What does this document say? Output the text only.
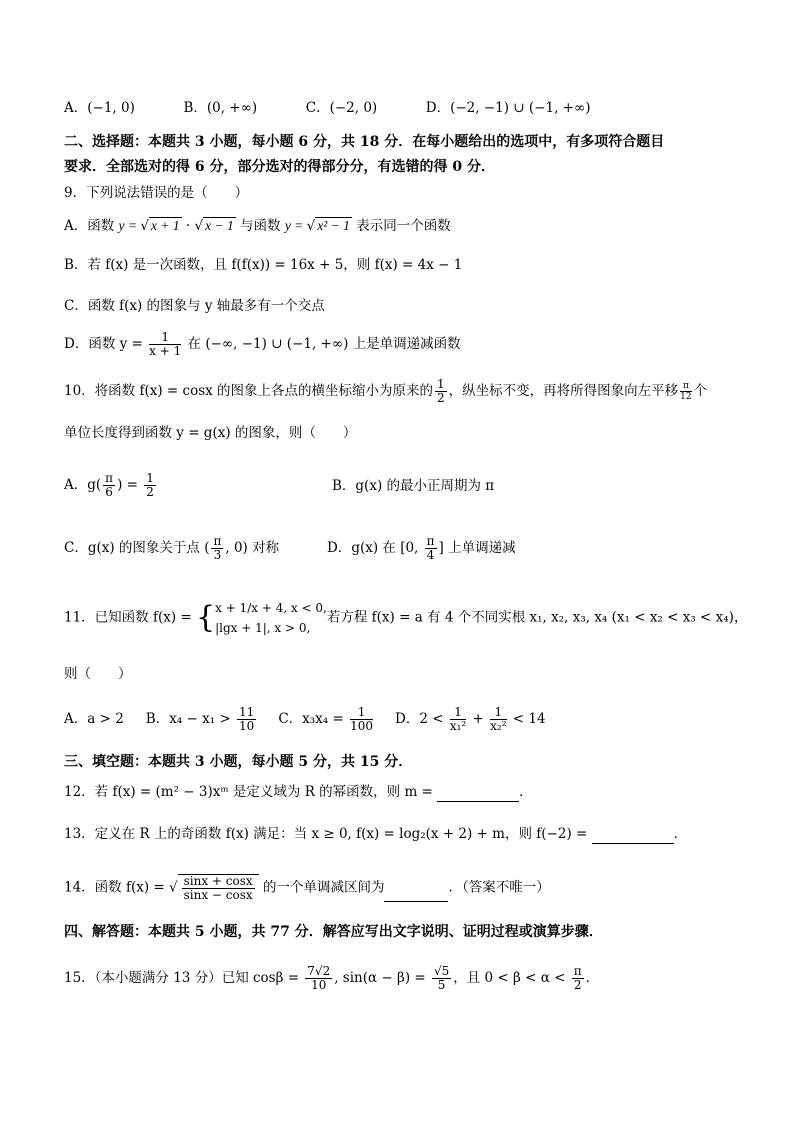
A．(−1, 0)	B．(0, +∞)	C．(−2, 0)	D．(−2, −1) ∪ (−1, +∞)
二、选择题：本题共 3 小题，每小题 6 分，共 18 分．在每小题给出的选项中，有多项符合题目
要求．全部选对的得 6 分，部分选对的得部分分，有选错的得 0 分．
9．下列说法错误的是（　　）
A．函数 y = √ x + 1 · √ x − 1 与函数 y = √ x² − 1 表示同一个函数
B．若 f(x) 是一次函数，且 f(f(x)) = 16x + 5，则 f(x) = 4x − 1
C．函数 f(x) 的图象与 y 轴最多有一个交点
D．函数 $y = \frac{1}{x + 1}$ 在 (−∞, −1) ∪ (−1, +∞) 上是单调递减函数
10．将函数 f(x) = cosx 的图象上各点的横坐标缩小为原来的 $\frac{1}{2}$ ，纵坐标不变，再将所得图象向左平移 $\frac{\pi}{12}$ 个
单位长度得到函数 y = g(x) 的图象，则（　　）
A．$g( \frac{\pi}{6}$ ) = $\frac{1}{2}$	B．g(x) 的最小正周期为 π
C．g(x) 的图象关于点 ( $\frac{\pi}{3}$ , 0) 对称	D．g(x) 在 [0, $\frac{\pi}{4}$ ] 上单调递减
11．已知函数 f(x) = { x + 1/x + 4, x < 0,
|lgx + 1|, x > 0,
若方程 f(x) = a 有 4 个不同实根 x₁, x₂, x₃, x₄ (x₁ < x₂ < x₃ < x₄)，
则（　　）
A．a > 2 B．$x_4 - x_1 > \frac{11}{10}$ C．$x_3x_4 = \frac{1}{100}$ D．$2 < \frac{1}{\text{x₁²}} + \frac{1}{\text{x₂²}} < 14$
三、填空题：本题共 3 小题，每小题 5 分，共 15 分．
12．若 f(x) = (m² − 3)xᵐ 是定义域为 R 的幂函数，则 m =	．
13．定义在 R 上的奇函数 f(x) 满足：当 x ≥ 0, f(x) = log₂(x + 2) + m，则 f(−2) =	．
14．函数 f(x) = √ $\frac{\sin x + \cos x}{\sin x - \cos x}$ 的一个单调减区间为	．（答案不唯一）
四、解答题：本题共 5 小题，共 77 分．解答应写出文字说明、证明过程或演算步骤．
15．（本小题满分 13 分）已知 $\cos\beta = \frac{7√2}{10}$ , $\sin(\alpha - \beta) = \frac{√5}{5}$ ，且 $0 < \beta < \alpha < \frac{\pi}{2}$ ．
